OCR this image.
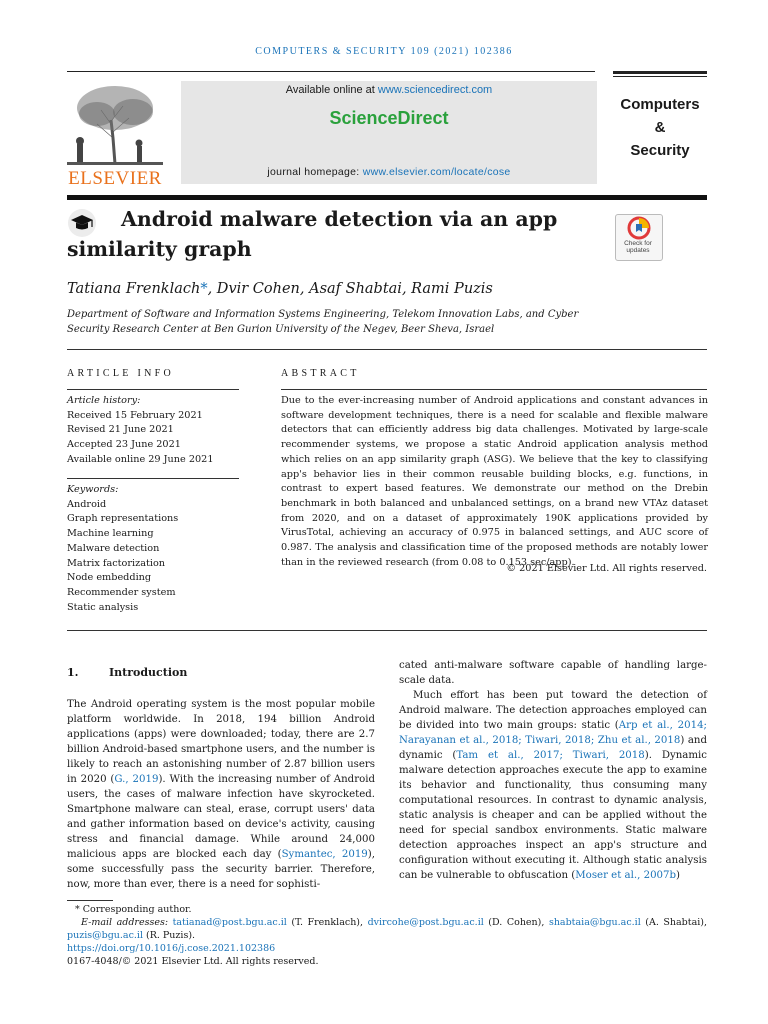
COMPUTERS & SECURITY 109 (2021) 102386
ELSEVIER
Available online at www.sciencedirect.com
ScienceDirect
journal homepage: www.elsevier.com/locate/cose
Computers
&
Security
Android malware detection via an app similarity graph	Check for
updates
Tatiana Frenklach*, Dvir Cohen, Asaf Shabtai, Rami Puzis
Department of Software and Information Systems Engineering, Telekom Innovation Labs, and Cyber Security Research Center at Ben Gurion University of the Negev, Beer Sheva, Israel
ARTICLE INFO
Article history:
Received 15 February 2021
Revised 21 June 2021
Accepted 23 June 2021
Available online 29 June 2021
Keywords:
Android
Graph representations
Machine learning
Malware detection
Matrix factorization
Node embedding
Recommender system
Static analysis
ABSTRACT
Due to the ever-increasing number of Android applications and constant advances in software development techniques, there is a need for scalable and flexible malware detectors that can efficiently address big data challenges. Motivated by large-scale recommender systems, we propose a static Android application analysis method which relies on an app similarity graph (ASG). We believe that the key to classifying app's behavior lies in their common reusable building blocks, e.g. functions, in contrast to expert based features. We demonstrate our method on the Drebin benchmark in both balanced and unbalanced settings, on a brand new VTAz dataset from 2020, and on a dataset of approximately 190K applications provided by VirusTotal, achieving an accuracy of 0.975 in balanced settings, and AUC score of 0.987. The analysis and classification time of the proposed methods are notably lower than in the reviewed research (from 0.08 to 0.153 sec/app).
© 2021 Elsevier Ltd. All rights reserved.
1.	Introduction

The Android operating system is the most popular mobile platform worldwide. In 2018, 194 billion Android applications (apps) were downloaded; today, there are 2.7 billion Android-based smartphone users, and the number is likely to reach an astonishing number of 2.87 billion users in 2020 (G., 2019). With the increasing number of Android users, the cases of malware infection have skyrocketed. Smartphone malware can steal, erase, corrupt users' data and gather information based on device's activity, causing stress and financial damage. While around 24,000 malicious apps are blocked each day (Symantec, 2019), some successfully pass the security barrier. Therefore, now, more than ever, there is a need for sophisti-

cated anti-malware software capable of handling large-scale data.

Much effort has been put toward the detection of Android malware. The detection approaches employed can be divided into two main groups: static (Arp et al., 2014; Narayanan et al., 2018; Tiwari, 2018; Zhu et al., 2018) and dynamic (Tam et al., 2017; Tiwari, 2018). Dynamic malware detection approaches execute the app to examine its behavior and functionality, thus consuming many computational resources. In contrast to dynamic analysis, static analysis is cheaper and can be applied without the need for special sandbox environments. Static malware detection approaches inspect an app's structure and configuration without executing it. Although static analysis can be vulnerable to obfuscation (Moser et al., 2007b)

* Corresponding author.

E-mail addresses: tatianad@post.bgu.ac.il (T. Frenklach), dvircohe@post.bgu.ac.il (D. Cohen), shabtaia@bgu.ac.il (A. Shabtai), puzis@bgu.ac.il (R. Puzis).

https://doi.org/10.1016/j.cose.2021.102386

0167-4048/© 2021 Elsevier Ltd. All rights reserved.
